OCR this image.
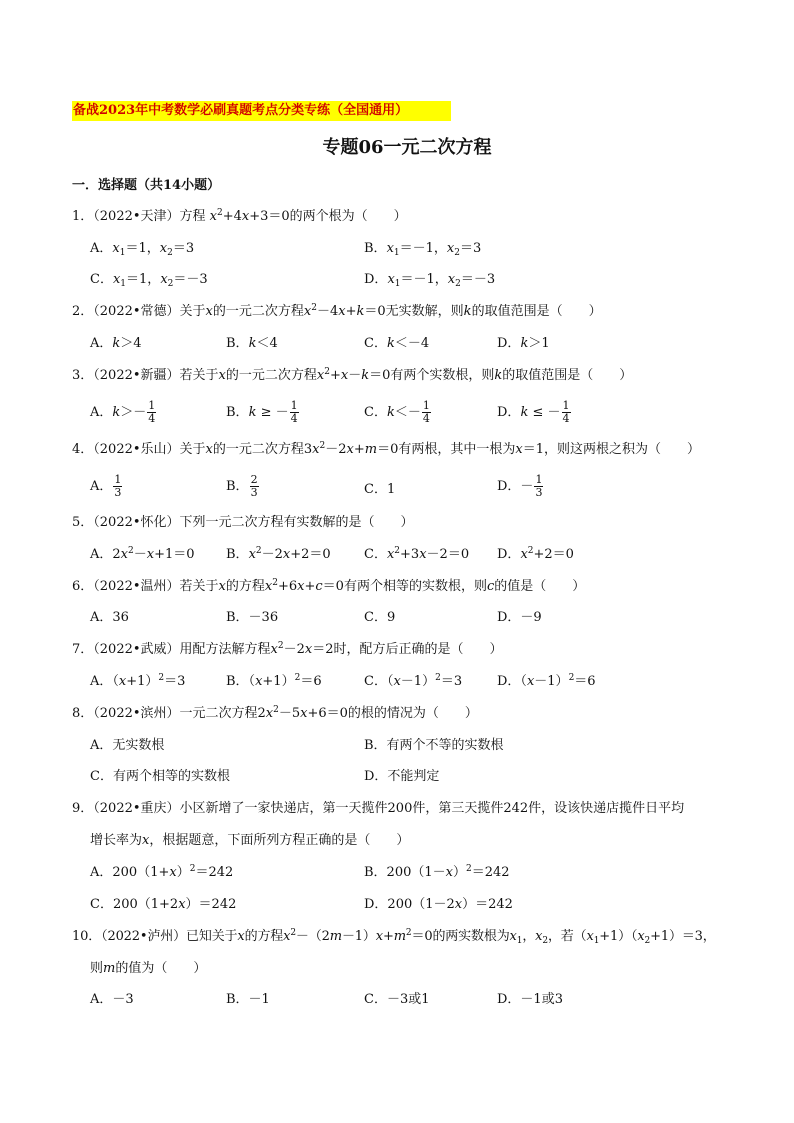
备战2023年中考数学必刷真题考点分类专练（全国通用）
专题06一元二次方程
一．选择题（共14小题）
1．（2022•天津）方程 $x^2+4x+3=0$的两个根为（　　）
A．$x_1=1$，$x_2=3$	B．$x_1=-1$，$x_2=3$
C．$x_1=1$，$x_2=-3$	D．$x_1=-1$，$x_2=-3$
2．（2022•常德）关于x的一元二次方程$x^2-4x+k=0$无实数解，则k的取值范围是（　　）
A．k＞4	B．k＜4	C．k＜－4	D．k＞1
3．（2022•新疆）若关于x的一元二次方程$x^2+x-k=0$有两个实数根，则k的取值范围是（　　）
A．$k>- \frac{1}{4}$	B．k ≥ － $\frac{1}{4}$	C．$k<- \frac{1}{4}$	D．k ≤ － $\frac{1}{4}$
4．（2022•乐山）关于x的一元二次方程$3x^2-2x+m=0$有两根，其中一根为x＝1，则这两根之积为（　　）
A． $\frac{1}{3}$	B． $\frac{2}{3}$	C．1	D．－ $\frac{1}{3}$
5．（2022•怀化）下列一元二次方程有实数解的是（　　）
A．$2x^2-x+1=0$ B．$x^2-2x+2=0$	C．$x^2+3x-2=0$ D．$x^2+2=0$
6．（2022•温州）若关于x的方程$x^2+6x+c=0$有两个相等的实数根，则c的值是（　　）
A．36	B．－36	C．9	D．－9
7．（2022•武威）用配方法解方程$x^2-2x=2$时，配方后正确的是（　　）
A．$(x+1)^2=3$	B．$(x+1)^2=6$	C．$(x-1)^2=3$	D．$(x-1)^2=6$
8．（2022•滨州）一元二次方程$2x^2-5x+6=0$的根的情况为（　　）
A．无实数根	B．有两个不等的实数根
C．有两个相等的实数根	D．不能判定
9．（2022•重庆）小区新增了一家快递店，第一天揽件200件，第三天揽件242件，设该快递店揽件日平均
增长率为x，根据题意，下面所列方程正确的是（　　）
A．$200(1+x)^2=242$	B．$200(1-x)^2=242$
C．200（1+2x）＝242	D．200（1－2x）＝242
10．（2022•泸州）已知关于x的方程$x^2-(2m-1)x+m^2=0$的两实数根为$x_1$，$x_2$，若$(x_1+1)(x_2+1)=3$，
则m的值为（　　）
A．－3	B．－1	C．－3或1	D．－1或3
